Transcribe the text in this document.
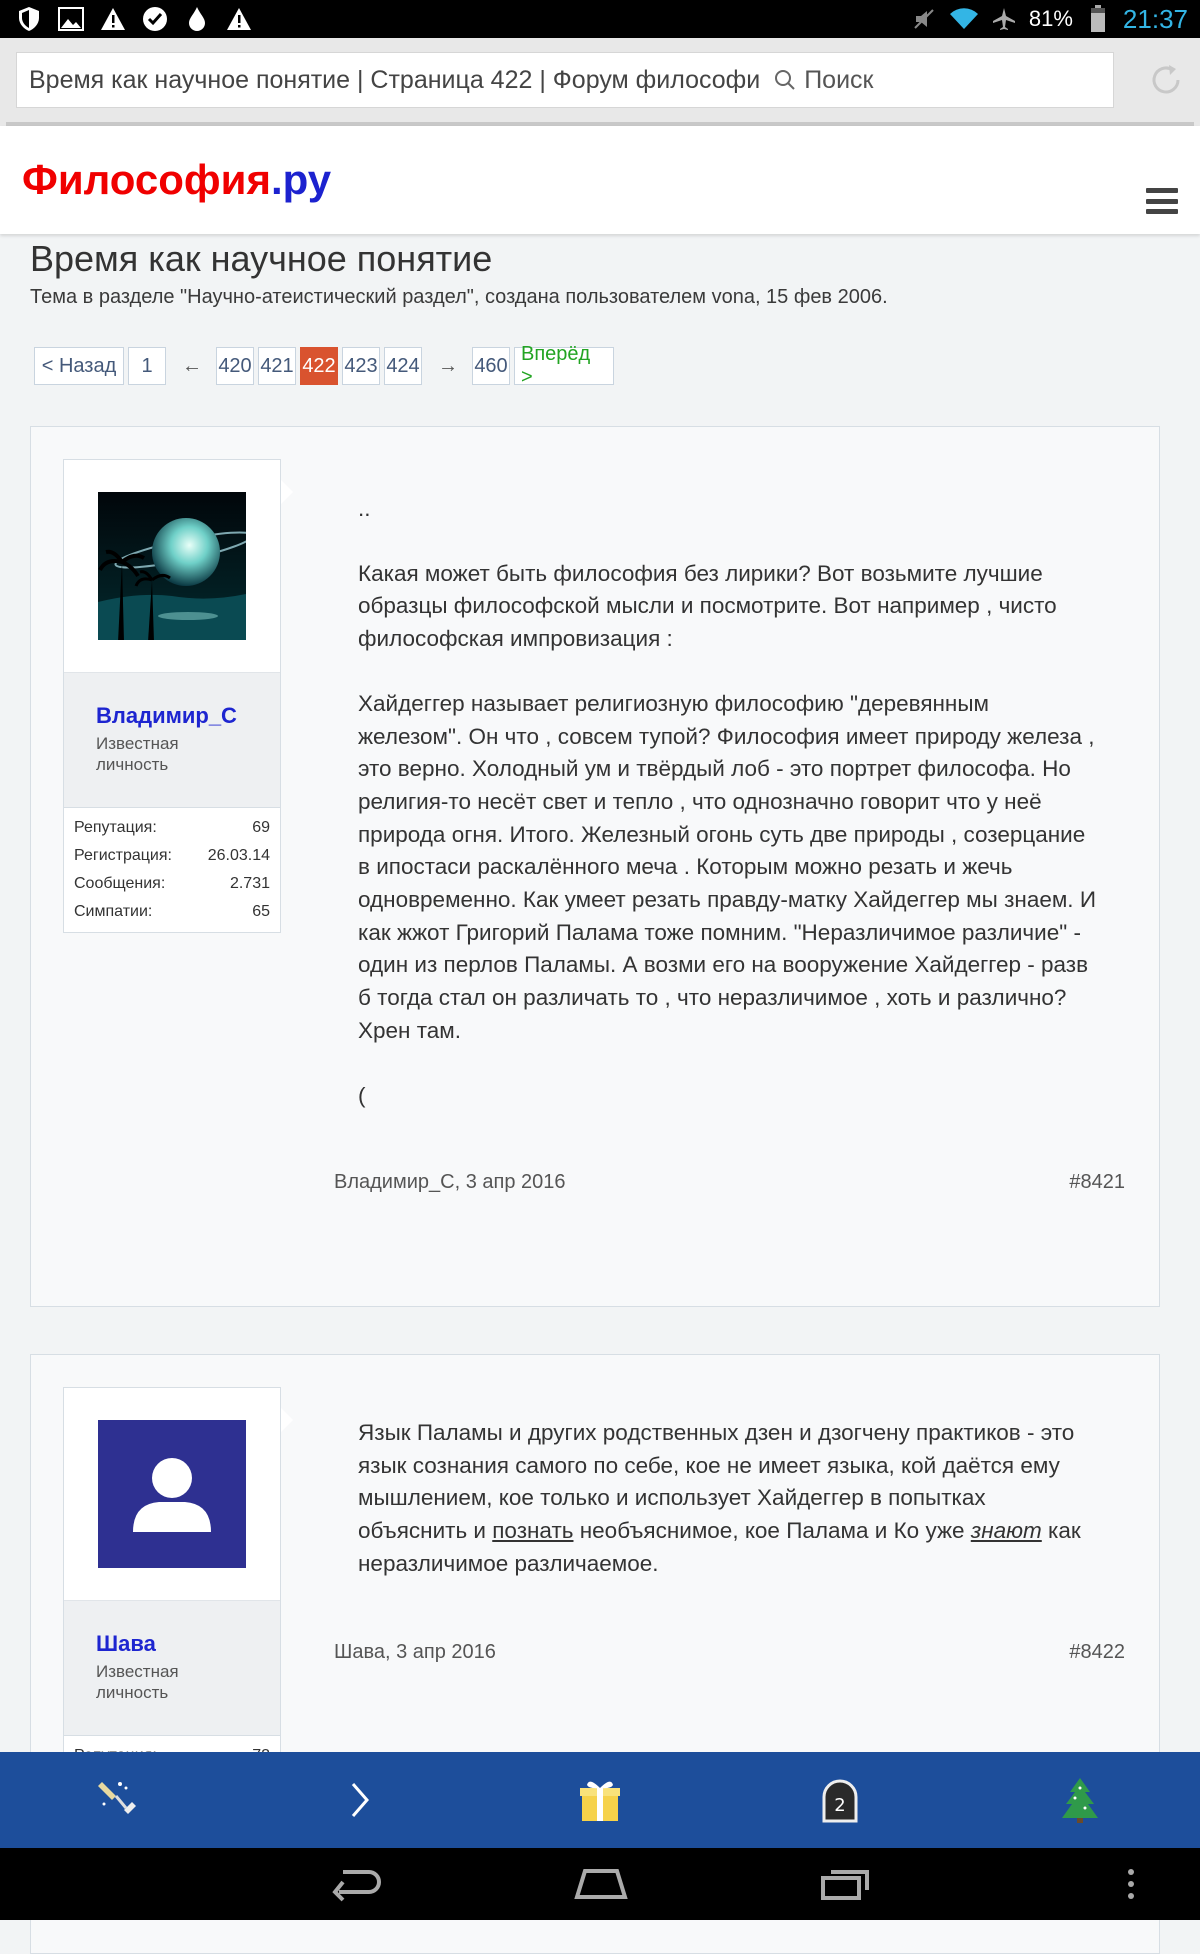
81% 21:37
Время как научное понятие | Страница 422 | Форум философи Поиск
Философия.ру
Время как научное понятие
Тема в разделе "Научно-атеистический раздел", создана пользователем vona, 15 фев 2006.
< Назад	1	← 420 421 422 423 424 → 460
Вперёд >
Владимир_С
Известная личность
Репутация:	69
Регистрация: 26.03.14
Сообщения:	2.731
Симпатии:	65

..

Какая может быть философия без лирики? Вот возьмите лучшие образцы философской мысли и посмотрите. Вот например , чисто философская импровизация :

Хайдеггер называет религиозную философию "деревянным железом". Он что , совсем тупой? Философия имеет природу железа , это верно. Холодный ум и твёрдый лоб - это портрет философа. Но религия-то несёт свет и тепло , что однозначно говорит что у неё природа огня. Итого. Железный огонь суть две природы , созерцание в ипостаси раскалённого меча . Которым можно резать и жечь одновременно. Как умеет резать правду-матку Хайдеггер мы знаем. И как жжот Григорий Палама тоже помним. "Неразличимое различие" - один из перлов Паламы. А возми его на вооружение Хайдеггер - разв б тогда стал он различать то , что неразличимое , хоть и различно? Хрен там.

(

Владимир_С, 3 апр 2016	#8421
Шава
Известная личность

Язык Паламы и других родственных дзен и дзогчену практиков - это язык сознания самого по себе, кое не имеет языка, кой даётся ему мышлением, кое только и использует Хайдеггер в попытках объяснить и познать необъяснимое, кое Палама и Ко уже знают как неразличимое различаемое.

Шава, 3 апр 2016	#8422
2
